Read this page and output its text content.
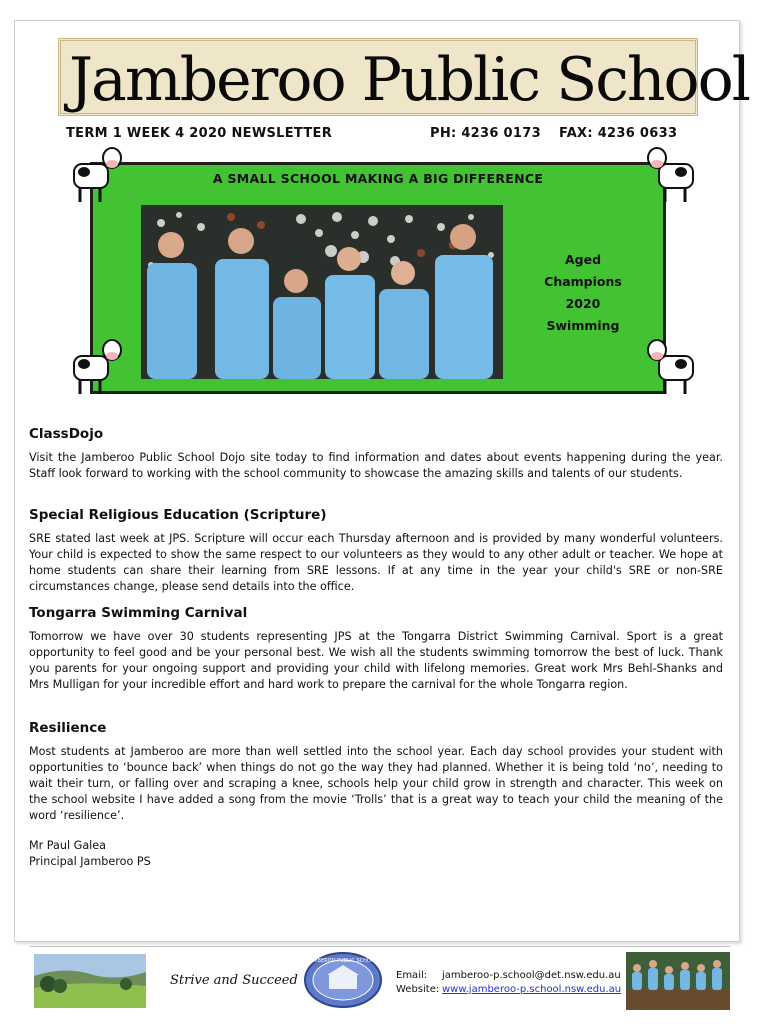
Jamberoo Public School
TERM 1 WEEK 4 2020 NEWSLETTER	PH: 4236 0173 FAX: 4236 0633
A SMALL SCHOOL MAKING A BIG DIFFERENCE
Aged
Champions
2020
Swimming
ClassDojo

Visit the Jamberoo Public School Dojo site today to find information and dates about events happening during the year. Staff look forward to working with the school community to showcase the amazing skills and talents of our students.

Special Religious Education (Scripture)

SRE stated last week at JPS. Scripture will occur each Thursday afternoon and is provided by many wonderful volunteers. Your child is expected to show the same respect to our volunteers as they would to any other adult or teacher. We hope at home students can share their learning from SRE lessons. If at any time in the year your child's SRE or non-SRE circumstances change, please send details into the office.

Tongarra Swimming Carnival

Tomorrow we have over 30 students representing JPS at the Tongarra District Swimming Carnival. Sport is a great opportunity to feel good and be your personal best. We wish all the students swimming tomorrow the best of luck. Thank you parents for your ongoing support and providing your child with lifelong memories. Great work Mrs Behl-Shanks and Mrs Mulligan for your incredible effort and hard work to prepare the carnival for the whole Tongarra region.

Resilience

Most students at Jamberoo are more than well settled into the school year. Each day school provides your student with opportunities to ‘bounce back’ when things do not go the way they had planned. Whether it is being told ‘no’, needing to wait their turn, or falling over and scraping a knee, schools help your child grow in strength and character. This week on the school website I have added a song from the movie ‘Trolls’ that is a great way to teach your child the meaning of the word ‘resilience’.

Mr Paul Galea
Principal Jamberoo PS
Strive and Succeed
JAMBEROO PUBLIC SCHOOL
Email: jamberoo-p.school@det.nsw.edu.au
Website: www.jamberoo-p.school.nsw.edu.au
